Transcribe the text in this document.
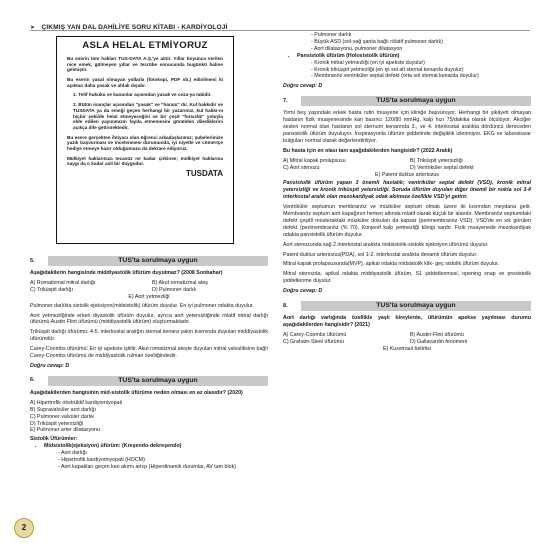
➤ ÇIKMIŞ YAN DAL DAHİLİYE SORU KİTABI - KARDİYOLOJİ
ASLA HELAL ETMİYORUZ

Bu eserin tüm hakları TUS-DATA A.Ş.'ye aittir. Yıllar boyunca verilen nice emek, gülmeyen yıllar ve tecrübe sonucunda bugünkü haline gelmiştir.

Bu eserin yasal olmayan yollarla (fotokopi, PDF vb.) edinilmesi ki açıktan daha yasak ve ahlak dışıdır.

1. Telif hukuku ve kanunlar açısından yasak ve ceza-ya tabidir.

2. Bütün inançlar açısından "yasak" ve "haram" dır. Kul hakkıdır ve TUSDATA ya da emeği geçen herhangi bir yazarımız, kul hakkı-nı hiçbir şekilde helal etmeyeceğini ve bir çeşit "hırsızlık" yoluyla elde edilen yayınımızın fayda etmemesini gönülden dilediklerini açıkça dile getirmektedir.

Bu esere gerçekten ihtiyacı olan öğrenci arkadaşlarımız; şubelerimize yazılı başvurması ve incelenmesi durumunda, iyi niyetle ve cömertçe hediye etmeye hazır olduğumuzu da dekrare ediyoruz.

Mülkiyet haklarınıza tecavüz ne kadar çirkinse; mülkiyet haklarına saygı da o kadar asil bir duygudur.

TUSDATA
5.	TUS'ta sorulmaya uygun
Aşağıdakilerin hangisinde middiyastolik üfürüm duyulmaz? (2008 Sonbahar)
A) Romatizmal mitral darlığı	B) Akut romatizmal ateş
C) Triküspit darlığı	D) Pulmoner darlık
E) Aort yetmezliği
Pulmoner darlıkta sistolik ejeksiyon(midsistolik) üfürüm duyulur. En iyi pulmoner odakta duyulur.
Aort yetmezliğinde erken diyastolik üfürüm duyulur, ayrıca aort yetersizliğinde rölatif mitral darlığı üfürümü Austin Flint üfürümü (middiyastolik üfürüm) oluşturmaktadır.
Triküspit darlığı üfürümü: 4-5. interkostal aralığın sternal kenara yakın kısmında duyulan middiyastolik üfürümdür.
Carey-Coombs üfürümü: En iyi apekste işitilir. Akut romatizmal ateşte duyulan mitral valvulitisine bağlı Carey-Coombs üfürümü de middiyastolik rulman özelliğindedir.
Doğru cevap: D
6.	TUS'ta sorulmaya uygun
Aşağıdakilerden hangisinin mid-sistolik üfürüme neden olması en az olasıdır? (2020)
A) Hipertrofik obstrüktif kardiyomiyopati
B) Supravalvüler aort darlığı
C) Pulmoner valvüler darlık
D) Triküspit yetersizliği
E) Pulmoner arter dilatasyonu
Sistolik Üfürümler:
• Midsistolik(ejeksiyon) üfürüm: (Kreşendo-dekreşendo)
- Aort darlığı
- Hipertrofik kardiyomiyopati (HOCM)
- Aort kapakları geçen kan akımı artışı (Hiperdinamik durumlar, AV tam blok)
- Pulmoner darlık
- Büyük ASD (sol-sağ şanta bağlı rölatif pulmoner darlık)
- Aort dilatasyonu, pulmoner dilatasyon
• Pansistolik üfürüm (Holosistolik üfürüm)
- Kronik mitral yetmezliği (en iyi apekste duyulur)
- Kronik triküspit yetmezliği (en iyi sol alt sternal kenarda duyulur)
- Membranöz ventriküler septal defekt (orta sol sternal kenarda duyulur)
Doğru cevap: D
7.	TUS'ta sorulmaya uygun
Yirmi beş yaşındaki erkek hasta rutin muayene için kliniğe başvuruyor. Herhangi bir şikâyeti olmayan hastanın fizik muayenesinde kan basıncı 120/80 mmHg, kalp hızı 75/dakika olarak ölçülüyor. Akciğer sesleri normal olan hastanın sol sternum kenarında 3., ve 4. interkostal aralıkta dördüncü dereceden pansistolik üfürüm duyuluyor. İnspirasyonla üfürüm şiddetinde değişiklik izlenmiyor. EKG ve laboratuvar bulguları normal olarak değerlendiriliyor.
Bu hasta için en olası tanı aşağıdakilerden hangisidir? (2022 Aralık)
A) Mitral kapak prolapsusu	B) Triküspit yetersizliği
C) Aort stenozu	D) Ventriküler septal defekt
E) Patent duktus arteriozus
Pansistolik üfürüm yapan 3 önemli hastalık; ventriküler septal defekt (VSD), kronik mitral yetersizliği ve kronik triküspit yetersizliği. Soruda üfürüm duyulan diğer önemli bir nokta sol 3-4 interkostal aralık olan mezokardiyak odak akılmıza özellikle VSD'yi getirir.
Ventriküler septumun membranöz ve müsküler septum olmak üzere iki kısımdan meydana gelir. Membranöz septum aort kapağının hemen altında relatif olarak küçük bir alandır. Membranöz septumdaki defekt çeşitli müsteraktaki müsküler dokuları da kapsar (perimembranöz VSD). VSD'de en sık görülen defekt (perimembranöz (% 70). Konjenif kalp yetmezliği klinigi vardır. Fizik muayenede mezokardiyak odakta pansistolik üfürüm duyulur.
Aort stenozunda sağ 2.interkostal aralıkta midsistolik-sistolik ejeksiyon üfürümü duyulur.
Patent duktus arteriozus(PDA), sol 1-2. interkostal aralıkta devamlı üfürüm duyulur.
Mitral kapak prolapsusunda(MVP), apikal odakta midsistolik klik- geç sistolik üfürüm duyulur.
Mitral stenozda, apikal odakta middiyastolik üfürüm, S1 şiddetlenmesi, opening snap ve presistolik şiddetlenme duyulur.
Doğru cevap: D
8.	TUS'ta sorulmaya uygun
Aort darlığı varlığında özellikle yaşlı bireylerde, üfürümün apekse yayılması durumu aşağıdakilerden hangisidir? (2021)
A) Carey-Coombs üfürümü	B) Austin-Flint üfürümü
C) Graham-Steel üfürümü	D) Gallavardin fenomeni
E) Kussmaul belirtisi
2
